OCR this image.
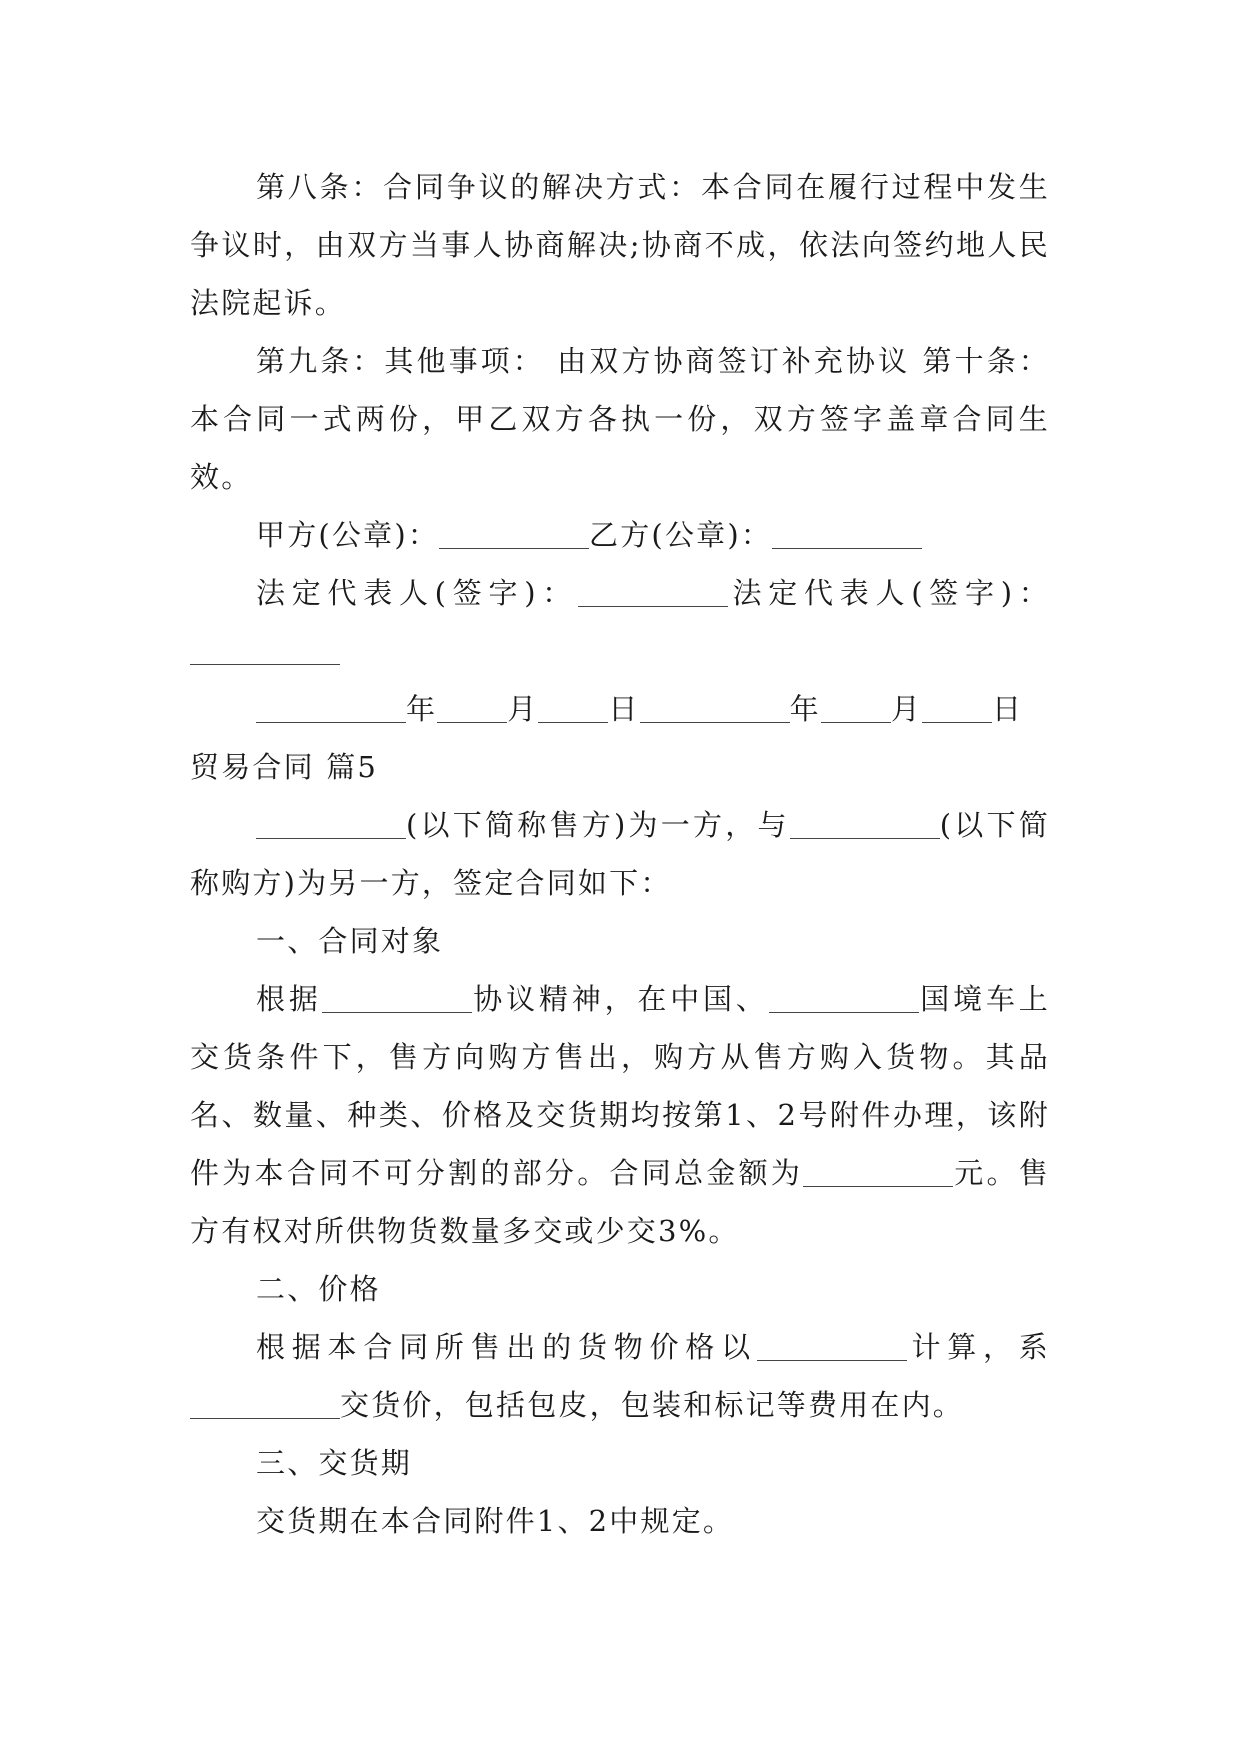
第八条：合同争议的解决方式：本合同在履行过程中发生争议时，由双方当事人协商解决;协商不成，依法向签约地人民法院起诉。

第九条：其他事项： 由双方协商签订补充协议 第十条：本合同一式两份，甲乙双方各执一份，双方签字盖章合同生效。

甲方(公章)：	乙方(公章)：

法定代表人(签字)：	法定代表人(签字)：

年 月 日	年 月 日

贸易合同 篇5

(以下简称售方)为一方，与	(以下简称购方)为另一方，签定合同如下：

一、合同对象

根据	协议精神，在中国、	国境车上交货条件下，售方向购方售出，购方从售方购入货物。其品名、数量、种类、价格及交货期均按第1、2号附件办理，该附件为本合同不可分割的部分。合同总金额为	元。售方有权对所供物货数量多交或少交3%。

二、价格

根据本合同所售出的货物价格以	计算，系交货价，包括包皮，包装和标记等费用在内。

三、交货期

交货期在本合同附件1、2中规定。
